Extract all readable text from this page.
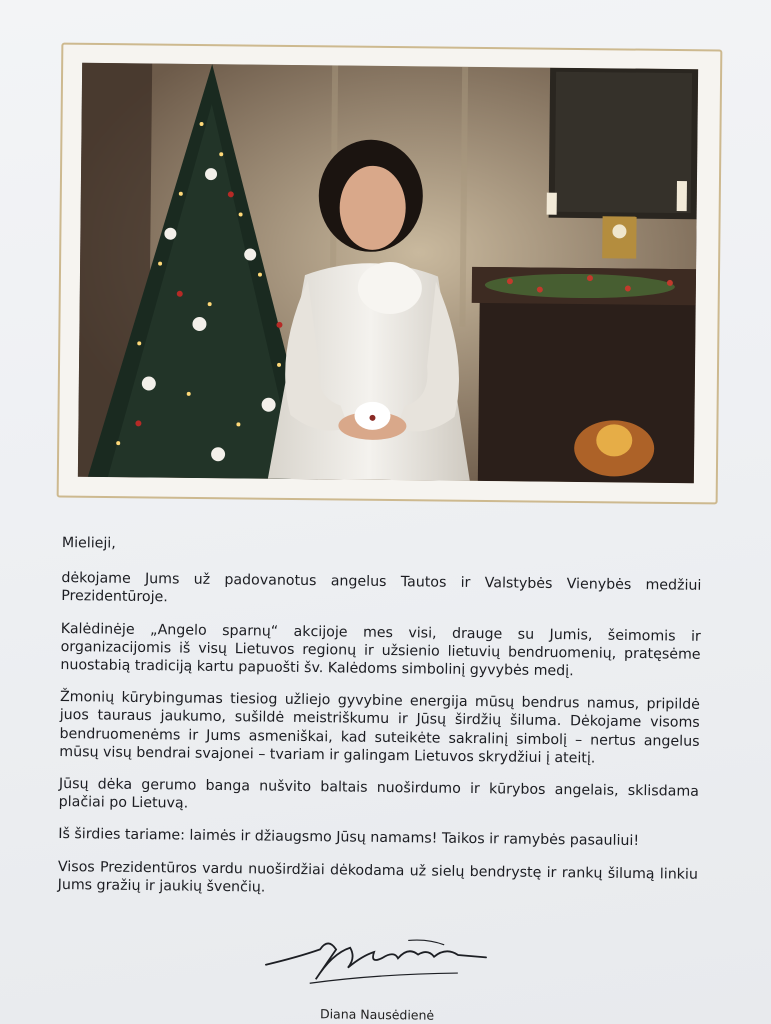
Mielieji,

dėkojame Jums už padovanotus angelus Tautos ir Valstybės Vienybės medžiui Prezidentūroje.

Kalėdinėje „Angelo sparnų“ akcijoje mes visi, drauge su Jumis, šeimomis ir organizacijomis iš visų Lietuvos regionų ir užsienio lietuvių bendruomenių, pratęsėme nuostabią tradiciją kartu papuošti šv. Kalėdoms simbolinį gyvybės medį.

Žmonių kūrybingumas tiesiog užliejo gyvybine energija mūsų bendrus namus, pripildė juos tauraus jaukumo, sušildė meistriškumu ir Jūsų širdžių šiluma. Dėkojame visoms bendruomenėms ir Jums asmeniškai, kad suteikėte sakralinį simbolį – nertus angelus mūsų visų bendrai svajonei – tvariam ir galingam Lietuvos skrydžiui į ateitį.

Jūsų dėka gerumo banga nušvito baltais nuoširdumo ir kūrybos angelais, sklisdama plačiai po Lietuvą.

Iš širdies tariame: laimės ir džiaugsmo Jūsų namams! Taikos ir ramybės pasauliui!

Visos Prezidentūros vardu nuoširdžiai dėkodama už sielų bendrystę ir rankų šilumą linkiu Jums gražių ir jaukių švenčių.

Diana Nausėdienė
